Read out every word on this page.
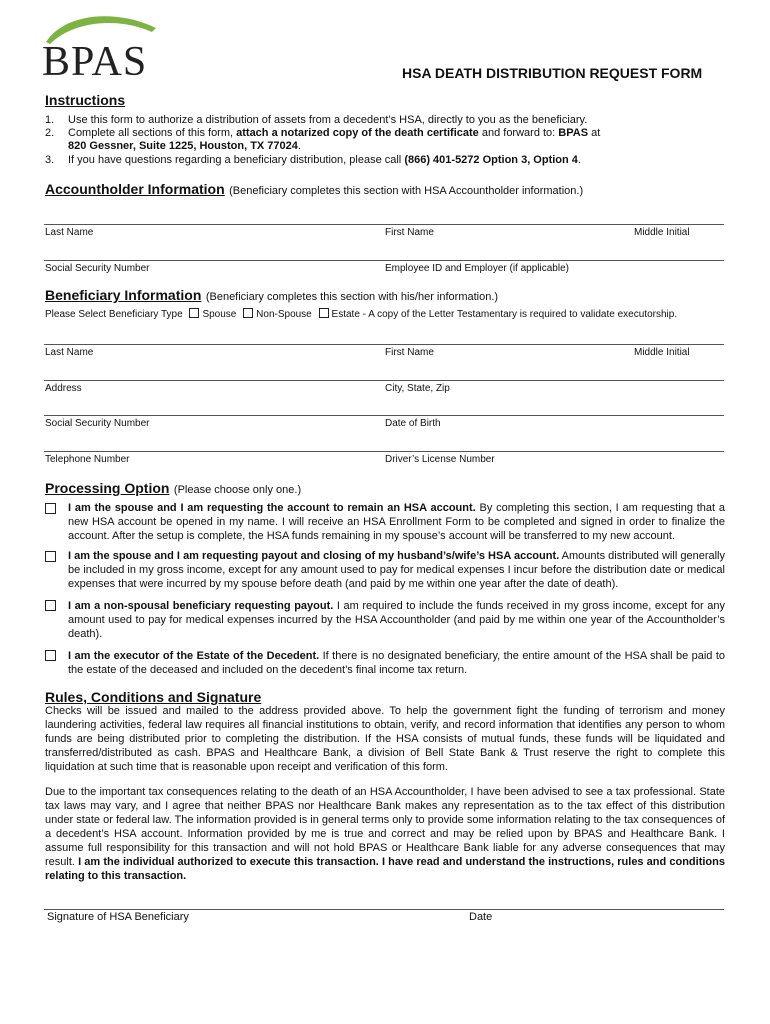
BPAS	HSA DEATH DISTRIBUTION REQUEST FORM
Instructions
1. Use this form to authorize a distribution of assets from a decedent’s HSA, directly to you as the beneficiary.
2. Complete all sections of this form, attach a notarized copy of the death certificate and forward to: BPAS at
820 Gessner, Suite 1225, Houston, TX 77024.
3. If you have questions regarding a beneficiary distribution, please call (866) 401-5272 Option 3, Option 4.
Accountholder Information (Beneficiary completes this section with HSA Accountholder information.)
Last Name	First Name	Middle Initial
Social Security Number	Employee ID and Employer (if applicable)
Beneficiary Information (Beneficiary completes this section with his/her information.)
Please Select Beneficiary Type Spouse Non-Spouse Estate - A copy of the Letter Testamentary is required to validate executorship.
Last Name	First Name	Middle Initial
Address	City, State, Zip
Social Security Number	Date of Birth
Telephone Number	Driver’s License Number
Processing Option (Please choose only one.)
I am the spouse and I am requesting the account to remain an HSA account. By completing this section, I am requesting that a new HSA account be opened in my name. I will receive an HSA Enrollment Form to be completed and signed in order to finalize the account. After the setup is complete, the HSA funds remaining in my spouse’s account will be transferred to my new account.
I am the spouse and I am requesting payout and closing of my husband’s/wife’s HSA account. Amounts distributed will generally be included in my gross income, except for any amount used to pay for medical expenses I incur before the distribution date or medical expenses that were incurred by my spouse before death (and paid by me within one year after the date of death).
I am a non-spousal beneficiary requesting payout. I am required to include the funds received in my gross income, except for any amount used to pay for medical expenses incurred by the HSA Accountholder (and paid by me within one year of the Accountholder’s death).
I am the executor of the Estate of the Decedent. If there is no designated beneficiary, the entire amount of the HSA shall be paid to the estate of the deceased and included on the decedent’s final income tax return.
Rules, Conditions and Signature
Checks will be issued and mailed to the address provided above. To help the government fight the funding of terrorism and money laundering activities, federal law requires all financial institutions to obtain, verify, and record information that identifies any person to whom funds are being distributed prior to completing the distribution. If the HSA consists of mutual funds, these funds will be liquidated and transferred/distributed as cash. BPAS and Healthcare Bank, a division of Bell State Bank & Trust reserve the right to complete this liquidation at such time that is reasonable upon receipt and verification of this form.
Due to the important tax consequences relating to the death of an HSA Accountholder, I have been advised to see a tax professional. State tax laws may vary, and I agree that neither BPAS nor Healthcare Bank makes any representation as to the tax effect of this distribution under state or federal law. The information provided is in general terms only to provide some information relating to the tax consequences of a decedent’s HSA account. Information provided by me is true and correct and may be relied upon by BPAS and Healthcare Bank. I assume full responsibility for this transaction and will not hold BPAS or Healthcare Bank liable for any adverse consequences that may result. I am the individual authorized to execute this transaction. I have read and understand the instructions, rules and conditions relating to this transaction.
Signature of HSA Beneficiary	Date
